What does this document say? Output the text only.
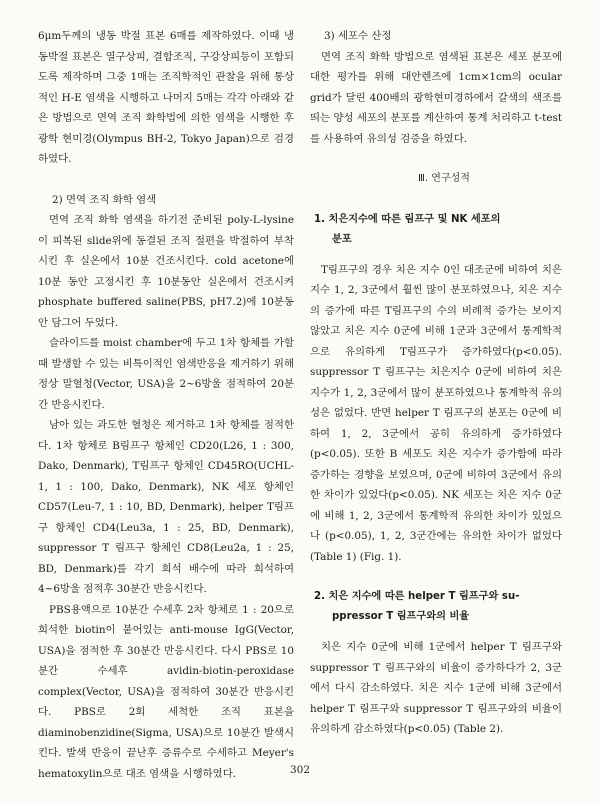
6μm두께의 냉동 박절 표본 6매를 제작하였다. 이때 냉동박절 표본은 열구상피, 결합조직, 구강상피등이 포함되도록 제작하며 그중 1매는 조직학적인 관찰을 위해 통상적인 H-E 염색을 시행하고 나머지 5매는 각각 아래와 같은 방법으로 면역 조직 화학법에 의한 염색을 시행한 후 광학 현미경(Olympus BH-2, Tokyo Japan)으로 검경하였다.

2) 면역 조직 화학 염색

면역 조직 화학 염색을 하기전 준비된 poly-L-lysine이 피복된 slide위에 동결된 조직 절편을 박절하여 부착시킨 후 실온에서 10분 건조시킨다. cold acetone에 10분 동안 고정시킨 후 10분동안 실온에서 건조시켜 phosphate buffered saline(PBS, pH7.2)에 10분동안 담그어 두었다.

슬라이드를 moist chamber에 두고 1차 항체를 가할 때 발생할 수 있는 비특이적인 염색반응을 제거하기 위해 정상 말혈청(Vector, USA)을 2~6방울 점적하여 20분간 반응시킨다.

남아 있는 과도한 혈청은 제거하고 1차 항체를 점적한다. 1차 항체로 B림프구 항체인 CD20(L26, 1 : 300, Dako, Denmark), T림프구 항체인 CD45RO(UCHL-1, 1 : 100, Dako, Denmark), NK 세포 항체인 CD57(Leu-7, 1 : 10, BD, Denmark), helper T림프구 항체인 CD4(Leu3a, 1 : 25, BD, Denmark), suppressor T 림프구 항체인 CD8(Leu2a, 1 : 25, BD, Denmark)를 각기 희석 배수에 따라 희석하여 4~6방울 점적후 30분간 반응시킨다.

PBS용액으로 10분간 수세후 2차 항체로 1 : 20으로 희석한 biotin이 붙어있는 anti-mouse IgG(Vector, USA)을 점적한 후 30분간 반응시킨다. 다시 PBS로 10분간 수세후 avidin-biotin-peroxidase complex(Vector, USA)을 점적하여 30분간 반응시킨다. PBS로 2회 세척한 조직 표본을 diaminobenzidine(Sigma, USA)으로 10분간 발색시킨다. 발색 반응이 끝난후 증류수로 수세하고 Meyer's hematoxylin으로 대조 염색을 시행하였다.

3) 세포수 산정

면역 조직 화학 방법으로 염색된 표본은 세포 분포에 대한 평가를 위해 대안렌즈에 1cm×1cm의 ocular grid가 달린 400배의 광학현미경하에서 갈색의 색조를 띄는 양성 세포의 분포를 계산하여 통계 처리하고 t-test를 사용하여 유의성 검증을 하였다.

Ⅲ. 연구성적

1. 치은지수에 따른 림프구 및 NK 세포의
분포

T림프구의 경우 치은 지수 0인 대조군에 비하여 치은 지수 1, 2, 3군에서 훨씬 많이 분포하였으나, 치은 지수의 증가에 따른 T림프구의 수의 비례적 증가는 보이지 않았고 치은 지수 0군에 비해 1군과 3군에서 통계학적으로 유의하게 T림프구가 증가하였다(p<0.05). suppressor T 림프구는 치은지수 0군에 비하여 치은 지수가 1, 2, 3군에서 많이 분포하였으나 통계학적 유의성은 없었다. 반면 helper T 림프구의 분포는 0군에 비하여 1, 2, 3군에서 공히 유의하게 증가하였다(p<0.05). 또한 B 세포도 치은 지수가 증가함에 따라 증가하는 경향을 보였으며, 0군에 비하여 3군에서 유의한 차이가 있었다(p<0.05). NK 세포는 치은 지수 0군에 비해 1, 2, 3군에서 통계학적 유의한 차이가 있었으나 (p<0.05), 1, 2, 3군간에는 유의한 차이가 없었다(Table 1) (Fig. 1).

2. 치은 지수에 따른 helper T 림프구와 su-
ppressor T 림프구와의 비율

치은 지수 0군에 비해 1군에서 helper T 림프구와 suppressor T 림프구와의 비율이 증가하다가 2, 3군에서 다시 감소하였다. 치은 지수 1군에 비해 3군에서 helper T 림프구와 suppressor T 림프구와의 비율이 유의하게 감소하였다(p<0.05) (Table 2).

302
